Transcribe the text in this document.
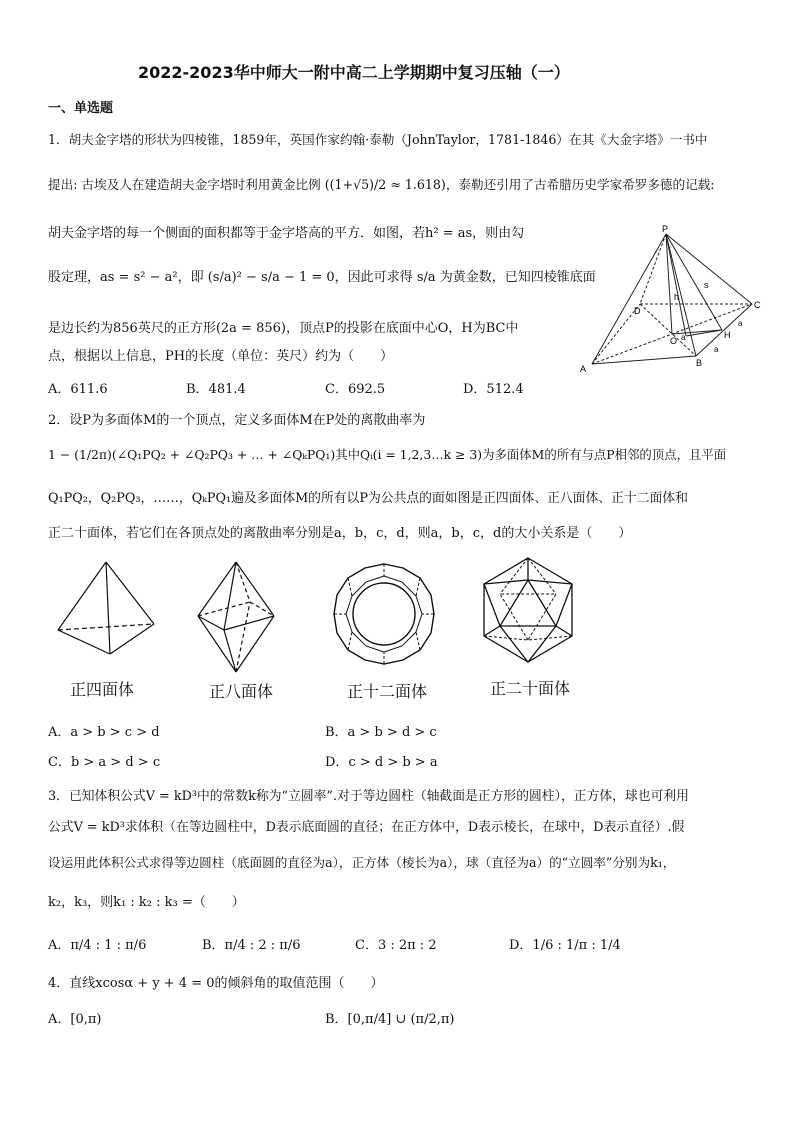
2022-2023华中师大一附中高二上学期期中复习压轴（一）
一、单选题
1．胡夫金字塔的形状为四棱锥，1859年，英国作家约翰·泰勒（JohnTaylor，1781-1846）在其《大金字塔》一书中
提出: 古埃及人在建造胡夫金字塔时利用黄金比例 ((1+√5)/2 ≈ 1.618)，泰勒还引用了古希腊历史学家希罗多德的记载:
胡夫金字塔的每一个侧面的面积都等于金字塔高的平方．如图，若h² = as，则由勾
股定理，as = s² − a²，即 (s/a)² − s/a − 1 = 0，因此可求得 s/a 为黄金数，已知四棱锥底面
是边长约为856英尺的正方形(2a = 856)，顶点P的投影在底面中心O，H为BC中
点，根据以上信息，PH的长度（单位：英尺）约为（　　）
A．611.6	B．481.4	C．692.5	D．512.4
P
D
h
s
C
O a	H
a
A
B
a
2．设P为多面体M的一个顶点，定义多面体M在P处的离散曲率为
1 − (1/2π)(∠Q₁PQ₂ + ∠Q₂PQ₃ + … + ∠QₖPQ₁)其中Qᵢ(i = 1,2,3…k ≥ 3)为多面体M的所有与点P相邻的顶点，且平面
Q₁PQ₂，Q₂PQ₃，……，QₖPQ₁遍及多面体M的所有以P为公共点的面如图是正四面体、正八面体、正十二面体和
正二十面体，若它们在各顶点处的离散曲率分别是a，b，c，d，则a，b，c，d的大小关系是（　　）
正四面体	正八面体	正十二面体	正二十面体
A．a > b > c > d	B．a > b > d > c
C．b > a > d > c	D．c > d > b > a
3．已知体积公式V = kD³中的常数k称为“立圆率”.对于等边圆柱（轴截面是正方形的圆柱），正方体，球也可利用
公式V = kD³求体积（在等边圆柱中，D表示底面圆的直径；在正方体中，D表示棱长，在球中，D表示直径）.假
设运用此体积公式求得等边圆柱（底面圆的直径为a），正方体（棱长为a），球（直径为a）的“立圆率”分别为k₁，
k₂，k₃，则k₁ : k₂ : k₃ =（　　）
A．π/4 : 1 : π/6	B．π/4 : 2 : π/6	C．3 : 2π : 2	D．1/6 : 1/π : 1/4
4．直线xcosα + y + 4 = 0的倾斜角的取值范围（　　）
A．[0,π)	B．[0,π/4] ∪ (π/2,π)
